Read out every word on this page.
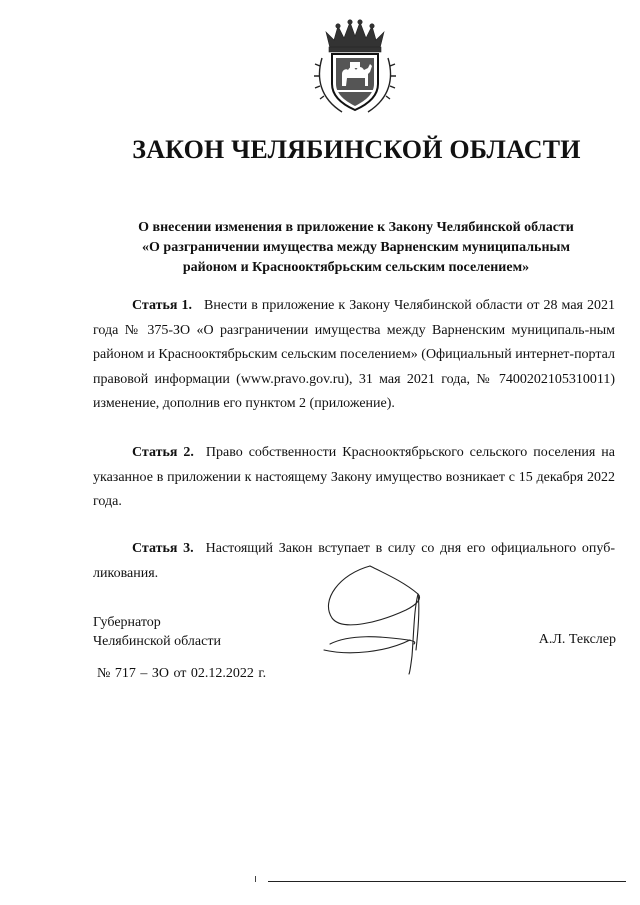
ЗАКОН ЧЕЛЯБИНСКОЙ ОБЛАСТИ
О внесении изменения в приложение к Закону Челябинской области
«О разграничении имущества между Варненским муниципальным
районом и Краснооктябрьским сельским поселением»

Статья 1. Внести в приложение к Закону Челябинской области от 28 мая 2021 года № 375-ЗО «О разграничении имущества между Варненским муниципаль-ным районом и Краснооктябрьским сельским поселением» (Официальный интернет-портал правовой информации (www.pravo.gov.ru), 31 мая 2021 года, № 7400202105310011) изменение, дополнив его пунктом 2 (приложение).

Статья 2. Право собственности Краснооктябрьского сельского поселения на указанное в приложении к настоящему Закону имущество возникает с 15 декабря 2022 года.

Статья 3. Настоящий Закон вступает в силу со дня его официального опуб-ликования.

Губернатор
Челябинской области	А.Л. Текслер
№ 717 – ЗО от 02.12.2022 г.
